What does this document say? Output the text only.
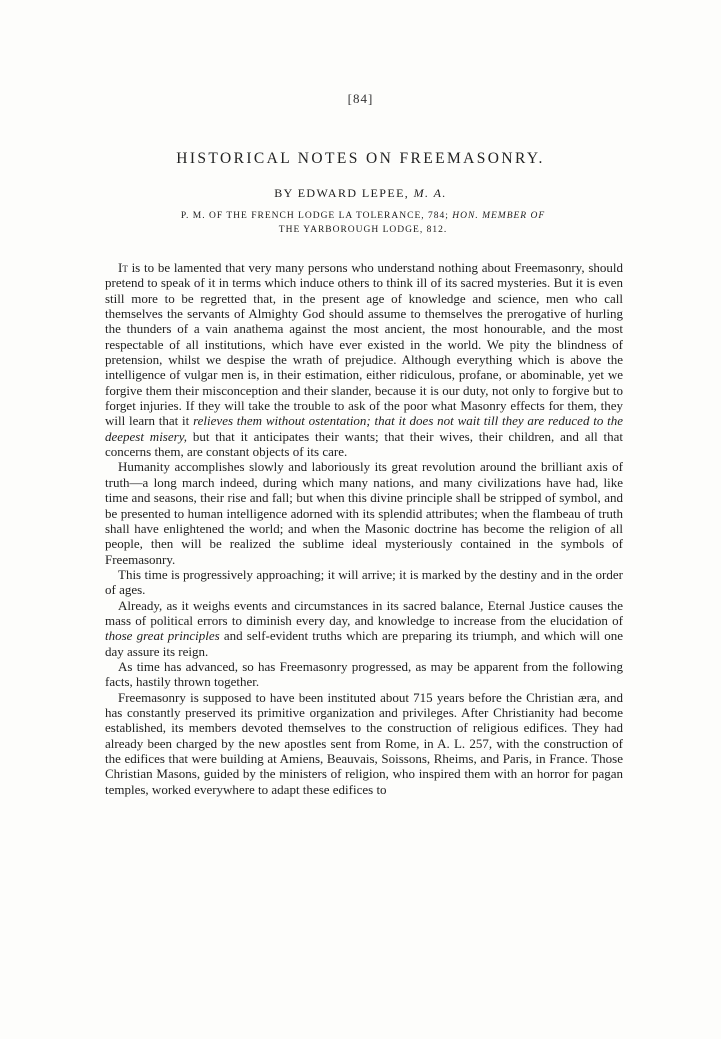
[84]
HISTORICAL NOTES ON FREEMASONRY.
BY EDWARD LEPEE, M. A.
P. M. OF THE FRENCH LODGE LA TOLERANCE, 784; HON. MEMBER OF
THE YARBOROUGH LODGE, 812.

It is to be lamented that very many persons who understand nothing about Freemasonry, should pretend to speak of it in terms which induce others to think ill of its sacred mysteries. But it is even still more to be regretted that, in the present age of knowledge and science, men who call themselves the servants of Almighty God should assume to themselves the prerogative of hurling the thunders of a vain anathema against the most ancient, the most honourable, and the most respectable of all institutions, which have ever existed in the world. We pity the blindness of pretension, whilst we despise the wrath of prejudice. Although everything which is above the intelligence of vulgar men is, in their estimation, either ridiculous, profane, or abominable, yet we forgive them their misconception and their slander, because it is our duty, not only to forgive but to forget injuries. If they will take the trouble to ask of the poor what Masonry effects for them, they will learn that it relieves them without ostentation; that it does not wait till they are reduced to the deepest misery, but that it anticipates their wants; that their wives, their children, and all that concerns them, are constant objects of its care.

Humanity accomplishes slowly and laboriously its great revolution around the brilliant axis of truth—a long march indeed, during which many nations, and many civilizations have had, like time and seasons, their rise and fall; but when this divine principle shall be stripped of symbol, and be presented to human intelligence adorned with its splendid attributes; when the flambeau of truth shall have enlightened the world; and when the Masonic doctrine has become the religion of all people, then will be realized the sublime ideal mysteriously contained in the symbols of Freemasonry.

This time is progressively approaching; it will arrive; it is marked by the destiny and in the order of ages.

Already, as it weighs events and circumstances in its sacred balance, Eternal Justice causes the mass of political errors to diminish every day, and knowledge to increase from the elucidation of those great principles and self-evident truths which are preparing its triumph, and which will one day assure its reign.

As time has advanced, so has Freemasonry progressed, as may be apparent from the following facts, hastily thrown together.

Freemasonry is supposed to have been instituted about 715 years before the Christian æra, and has constantly preserved its primitive organization and privileges. After Christianity had become established, its members devoted themselves to the construction of religious edifices. They had already been charged by the new apostles sent from Rome, in A. L. 257, with the construction of the edifices that were building at Amiens, Beauvais, Soissons, Rheims, and Paris, in France. Those Christian Masons, guided by the ministers of religion, who inspired them with an horror for pagan temples, worked everywhere to adapt these edifices to
